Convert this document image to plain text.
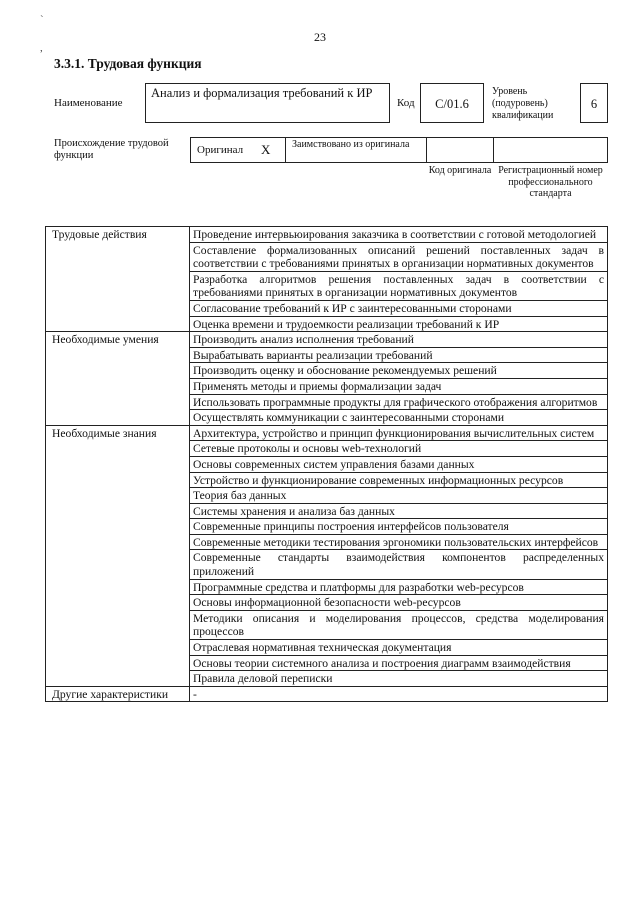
`
,
23
3.3.1. Трудовая функция
Наименование
Анализ и формализация требований к ИР
Код	С/01.6
Уровень (подуровень) квалификации
6
Происхождение трудовой функции	Оригинал X	Заимствовано из оригинала
Код оригинала Регистрационный номер профессионального стандарта
Трудовые действия	Проведение интервьюирования заказчика в соответствии с готовой методологией
	Составление формализованных описаний решений поставленных задач в соответствии с требованиями принятых в организации нормативных документов
	Разработка алгоритмов решения поставленных задач в соответствии с требованиями принятых в организации нормативных документов
	Согласование требований к ИР с заинтересованными сторонами
	Оценка времени и трудоемкости реализации требований к ИР
Необходимые умения	Производить анализ исполнения требований
	Вырабатывать варианты реализации требований
	Производить оценку и обоснование рекомендуемых решений
	Применять методы и приемы формализации задач
	Использовать программные продукты для графического отображения алгоритмов
	Осуществлять коммуникации с заинтересованными сторонами
Необходимые знания	Архитектура, устройство и принцип функционирования вычислительных систем
	Сетевые протоколы и основы web-технологий
	Основы современных систем управления базами данных
	Устройство и функционирование современных информационных ресурсов
	Теория баз данных
	Системы хранения и анализа баз данных
	Современные принципы построения интерфейсов пользователя
	Современные методики тестирования эргономики пользовательских интерфейсов
	Современные стандарты взаимодействия компонентов распределенных приложений
	Программные средства и платформы для разработки web-ресурсов
	Основы информационной безопасности web-ресурсов
	Методики описания и моделирования процессов, средства моделирования процессов
	Отраслевая нормативная техническая документация
	Основы теории системного анализа и построения диаграмм взаимодействия
	Правила деловой переписки
Другие характеристики	-
